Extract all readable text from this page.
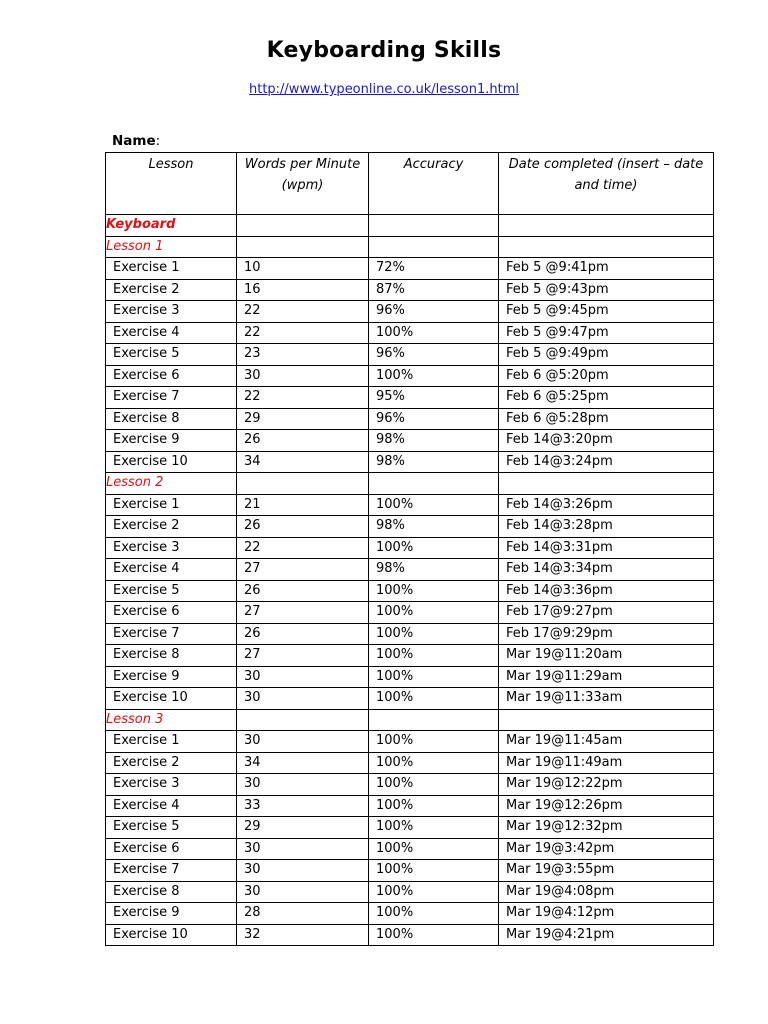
Keyboarding Skills
http://www.typeonline.co.uk/lesson1.html
Name:
Lesson	Words per Minute (wpm)	Accuracy	Date completed (insert – date and time)
Keyboard			
Lesson 1			
Exercise 1	10	72%	Feb 5 @9:41pm
Exercise 2	16	87%	Feb 5 @9:43pm
Exercise 3	22	96%	Feb 5 @9:45pm
Exercise 4	22	100%	Feb 5 @9:47pm
Exercise 5	23	96%	Feb 5 @9:49pm
Exercise 6	30	100%	Feb 6 @5:20pm
Exercise 7	22	95%	Feb 6 @5:25pm
Exercise 8	29	96%	Feb 6 @5:28pm
Exercise 9	26	98%	Feb 14@3:20pm
Exercise 10	34	98%	Feb 14@3:24pm
Lesson 2			
Exercise 1	21	100%	Feb 14@3:26pm
Exercise 2	26	98%	Feb 14@3:28pm
Exercise 3	22	100%	Feb 14@3:31pm
Exercise 4	27	98%	Feb 14@3:34pm
Exercise 5	26	100%	Feb 14@3:36pm
Exercise 6	27	100%	Feb 17@9:27pm
Exercise 7	26	100%	Feb 17@9:29pm
Exercise 8	27	100%	Mar 19@11:20am
Exercise 9	30	100%	Mar 19@11:29am
Exercise 10	30	100%	Mar 19@11:33am
Lesson 3			
Exercise 1	30	100%	Mar 19@11:45am
Exercise 2	34	100%	Mar 19@11:49am
Exercise 3	30	100%	Mar 19@12:22pm
Exercise 4	33	100%	Mar 19@12:26pm
Exercise 5	29	100%	Mar 19@12:32pm
Exercise 6	30	100%	Mar 19@3:42pm
Exercise 7	30	100%	Mar 19@3:55pm
Exercise 8	30	100%	Mar 19@4:08pm
Exercise 9	28	100%	Mar 19@4:12pm
Exercise 10	32	100%	Mar 19@4:21pm
